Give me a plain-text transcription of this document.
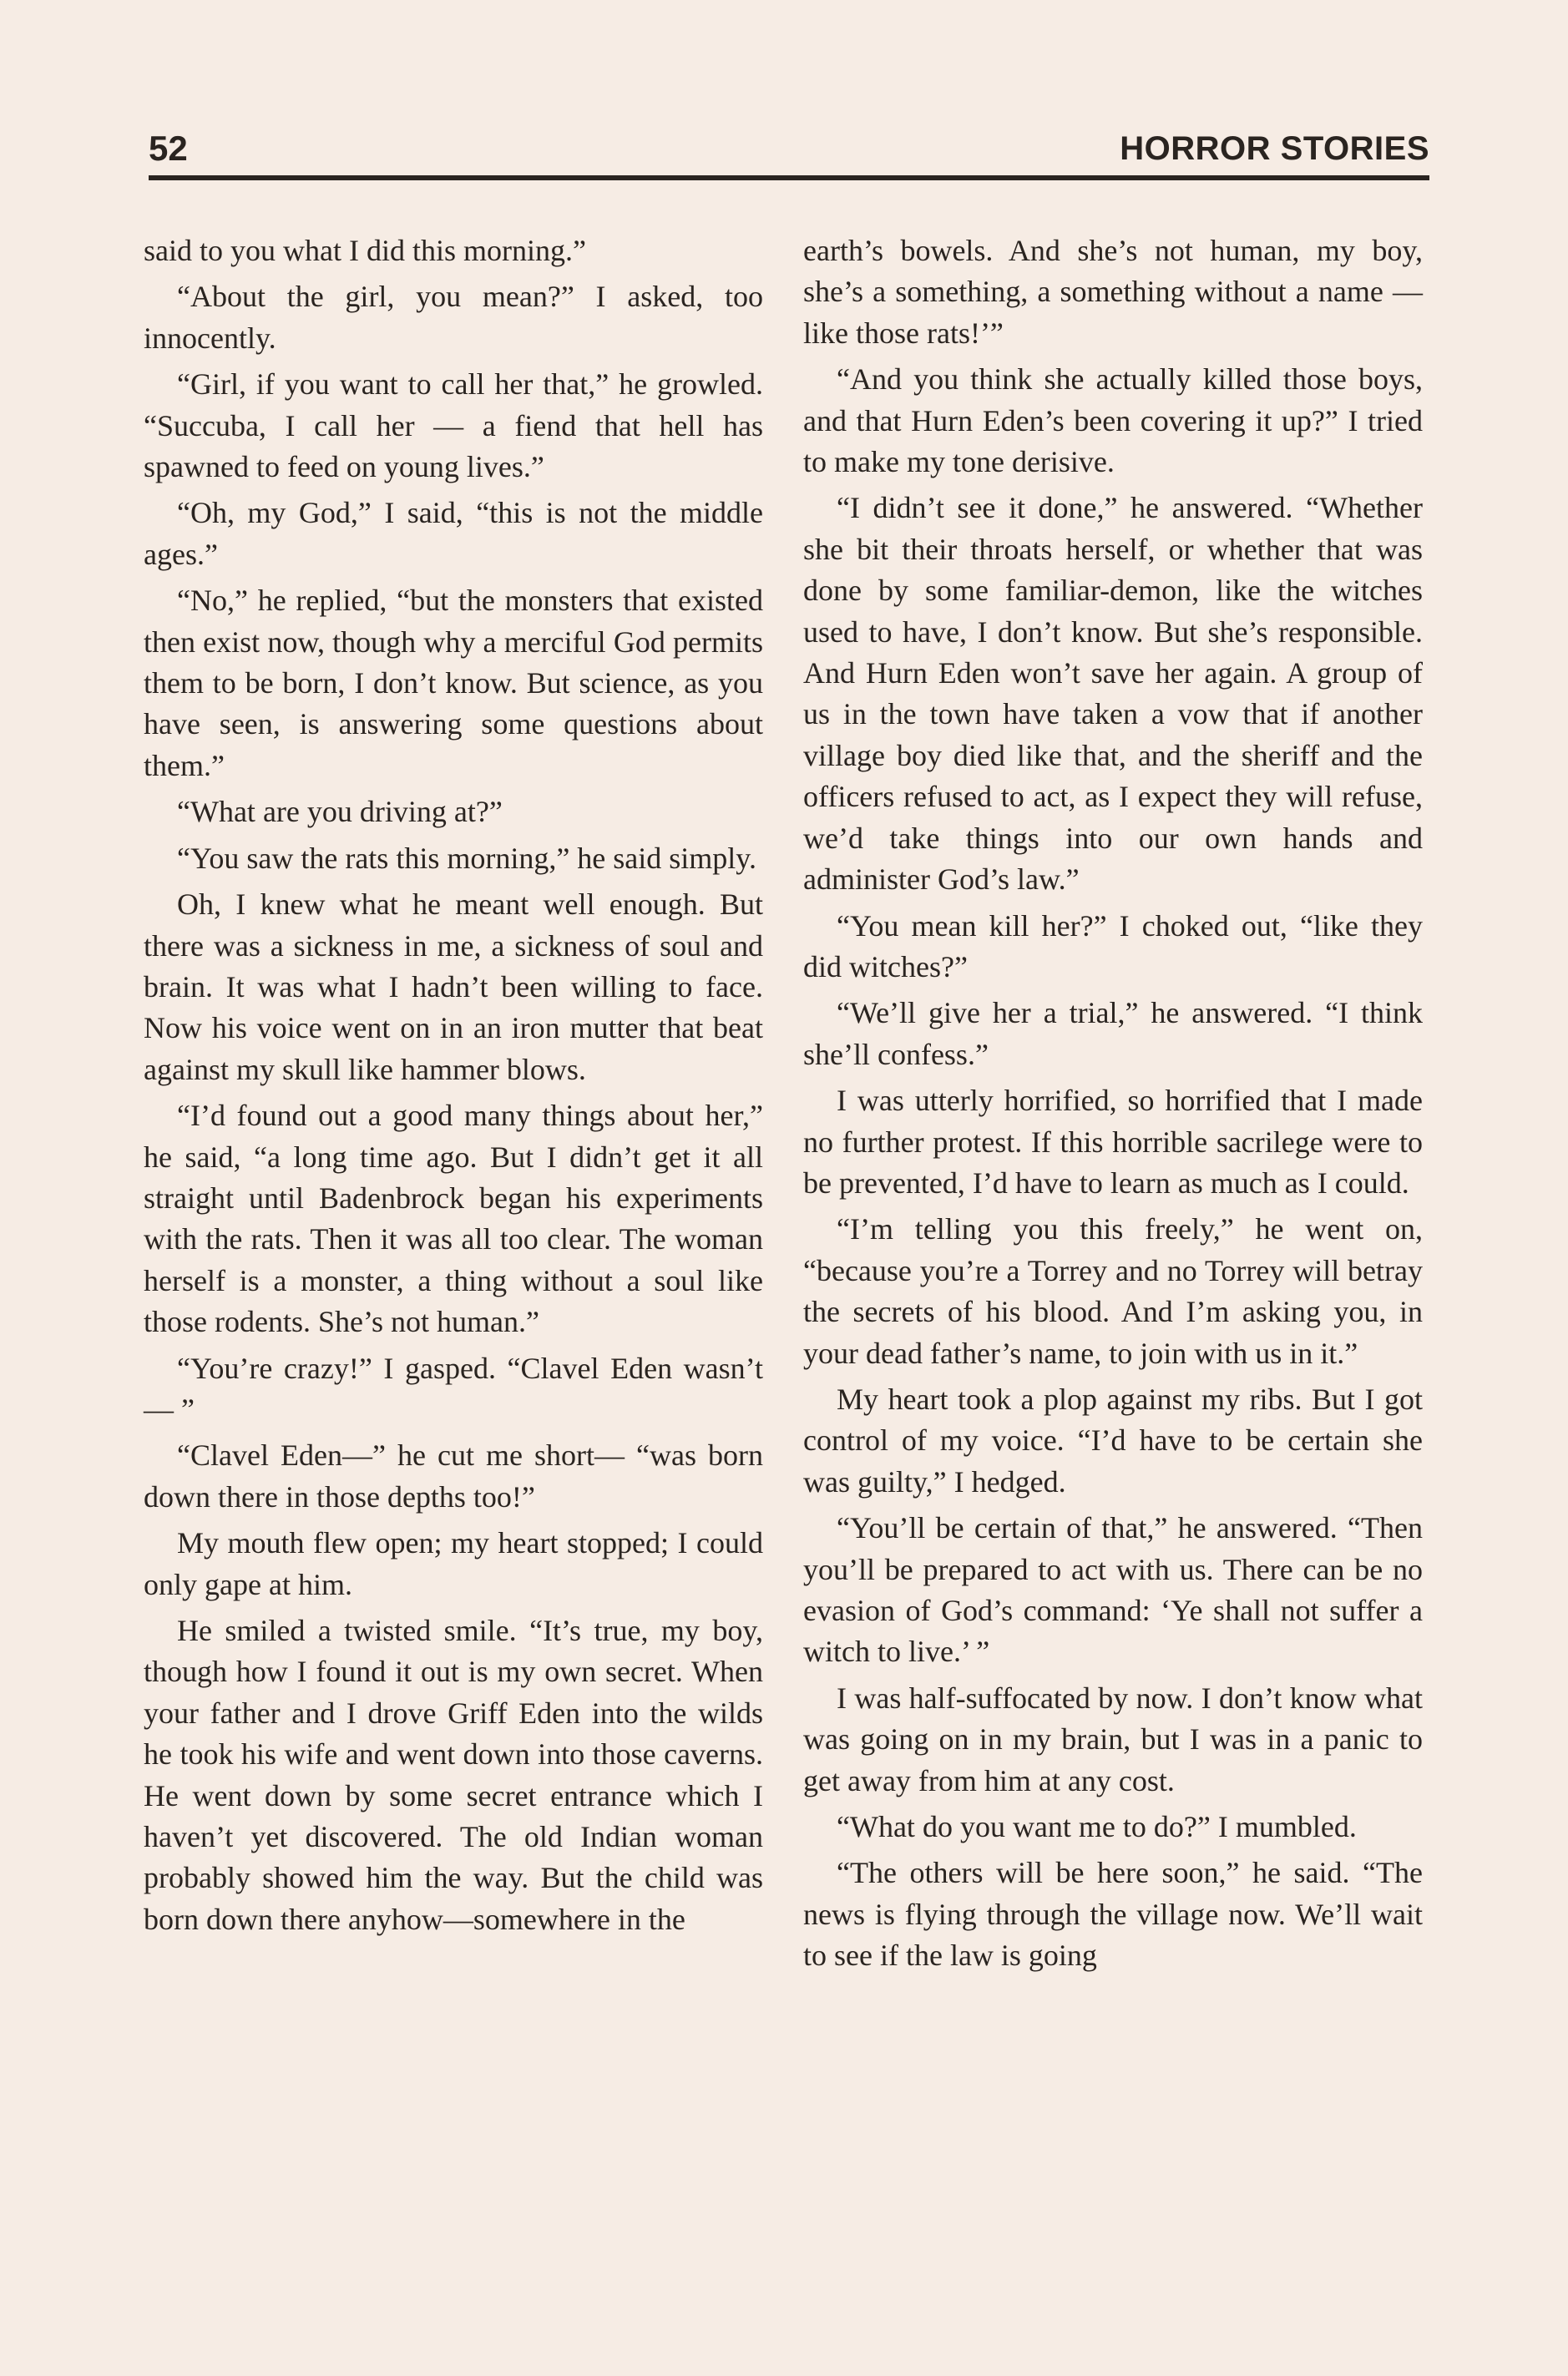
52	HORROR STORIES

said to you what I did this morning.”

“About the girl, you mean?” I asked, too innocently.

“Girl, if you want to call her that,” he growled. “Succuba, I call her — a fiend that hell has spawned to feed on young lives.”

“Oh, my God,” I said, “this is not the middle ages.”

“No,” he replied, “but the monsters that existed then exist now, though why a merciful God permits them to be born, I don’t know. But science, as you have seen, is answering some questions about them.”

“What are you driving at?”

“You saw the rats this morning,” he said simply.

Oh, I knew what he meant well enough. But there was a sickness in me, a sickness of soul and brain. It was what I hadn’t been willing to face. Now his voice went on in an iron mutter that beat against my skull like hammer blows.

“I’d found out a good many things about her,” he said, “a long time ago. But I didn’t get it all straight until Badenbrock began his experiments with the rats. Then it was all too clear. The woman herself is a monster, a thing without a soul like those rodents. She’s not human.”

“You’re crazy!” I gasped. “Clavel Eden wasn’t — ”

“Clavel Eden—” he cut me short— “was born down there in those depths too!”

My mouth flew open; my heart stopped; I could only gape at him.

He smiled a twisted smile. “It’s true, my boy, though how I found it out is my own secret. When your father and I drove Griff Eden into the wilds he took his wife and went down into those caverns. He went down by some secret entrance which I haven’t yet discovered. The old Indian woman probably showed him the way. But the child was born down there anyhow—somewhere in the

earth’s bowels. And she’s not human, my boy, she’s a something, a something without a name — like those rats!’”

“And you think she actually killed those boys, and that Hurn Eden’s been covering it up?” I tried to make my tone derisive.

“I didn’t see it done,” he answered. “Whether she bit their throats herself, or whether that was done by some familiar-demon, like the witches used to have, I don’t know. But she’s responsible. And Hurn Eden won’t save her again. A group of us in the town have taken a vow that if another village boy died like that, and the sheriff and the officers refused to act, as I expect they will refuse, we’d take things into our own hands and administer God’s law.”

“You mean kill her?” I choked out, “like they did witches?”

“We’ll give her a trial,” he answered. “I think she’ll confess.”

I was utterly horrified, so horrified that I made no further protest. If this horrible sacrilege were to be prevented, I’d have to learn as much as I could.

“I’m telling you this freely,” he went on, “because you’re a Torrey and no Torrey will betray the secrets of his blood. And I’m asking you, in your dead father’s name, to join with us in it.”

My heart took a plop against my ribs. But I got control of my voice. “I’d have to be certain she was guilty,” I hedged.

“You’ll be certain of that,” he answered. “Then you’ll be prepared to act with us. There can be no evasion of God’s command: ‘Ye shall not suffer a witch to live.’ ”

I was half-suffocated by now. I don’t know what was going on in my brain, but I was in a panic to get away from him at any cost.

“What do you want me to do?” I mumbled.

“The others will be here soon,” he said. “The news is flying through the village now. We’ll wait to see if the law is going
